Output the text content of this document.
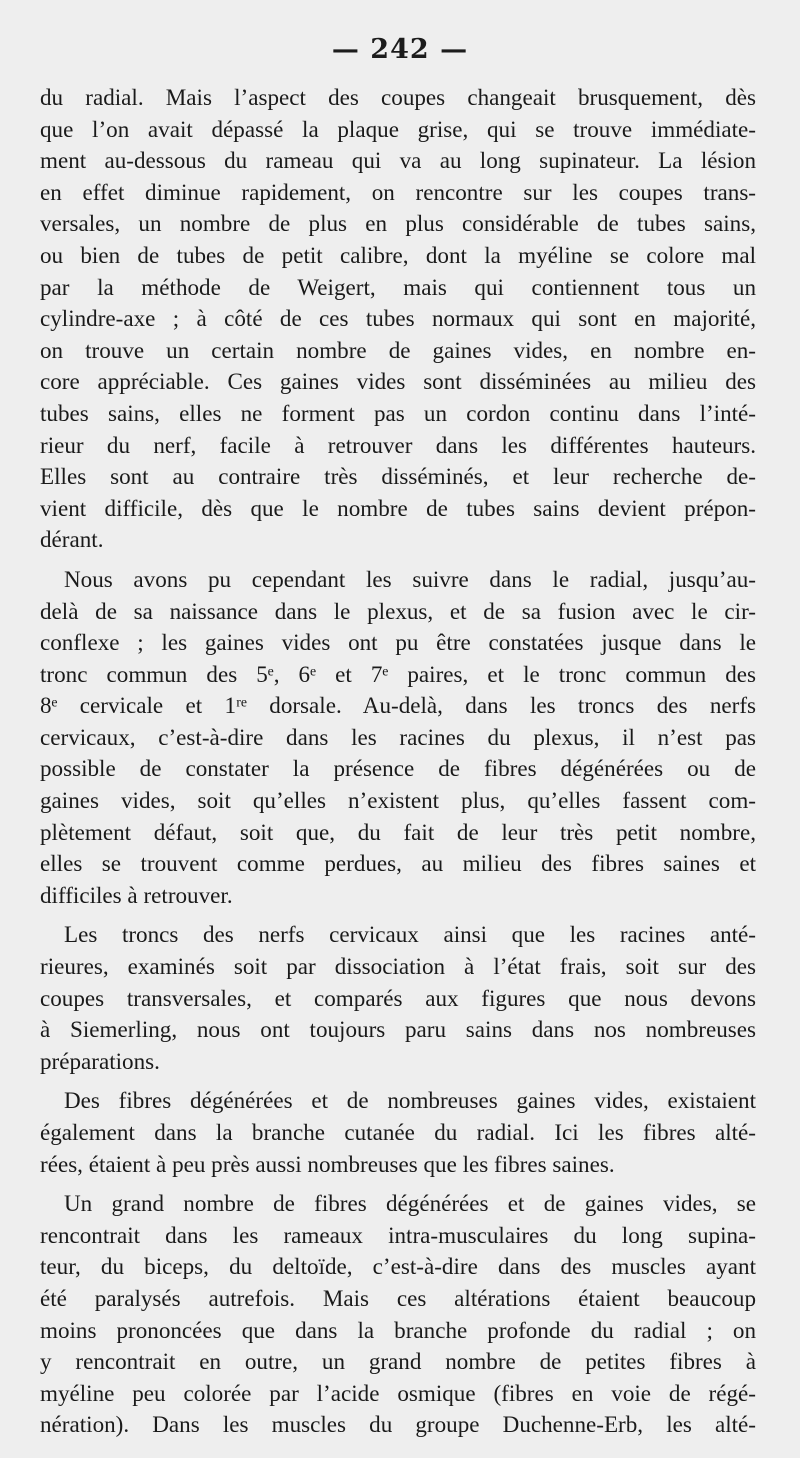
— 242 —
du radial. Mais l’aspect des coupes changeait brusquement, dès
que l’on avait dépassé la plaque grise, qui se trouve immédiate-
ment au-dessous du rameau qui va au long supinateur. La lésion
en effet diminue rapidement, on rencontre sur les coupes trans-
versales, un nombre de plus en plus considérable de tubes sains,
ou bien de tubes de petit calibre, dont la myéline se colore mal
par la méthode de Weigert, mais qui contiennent tous un
cylindre-axe ; à côté de ces tubes normaux qui sont en majorité,
on trouve un certain nombre de gaines vides, en nombre en-
core appréciable. Ces gaines vides sont disséminées au milieu des
tubes sains, elles ne forment pas un cordon continu dans l’inté-
rieur du nerf, facile à retrouver dans les différentes hauteurs.
Elles sont au contraire très disséminés, et leur recherche de-
vient difficile, dès que le nombre de tubes sains devient prépon-
dérant.
Nous avons pu cependant les suivre dans le radial, jusqu’au-
delà de sa naissance dans le plexus, et de sa fusion avec le cir-
conflexe ; les gaines vides ont pu être constatées jusque dans le
tronc commun des 5ᵉ, 6ᵉ et 7ᵉ paires, et le tronc commun des
8ᵉ cervicale et 1ʳᵉ dorsale. Au-delà, dans les troncs des nerfs
cervicaux, c’est-à-dire dans les racines du plexus, il n’est pas
possible de constater la présence de fibres dégénérées ou de
gaines vides, soit qu’elles n’existent plus, qu’elles fassent com-
plètement défaut, soit que, du fait de leur très petit nombre,
elles se trouvent comme perdues, au milieu des fibres saines et
difficiles à retrouver.
Les troncs des nerfs cervicaux ainsi que les racines anté-
rieures, examinés soit par dissociation à l’état frais, soit sur des
coupes transversales, et comparés aux figures que nous devons
à Siemerling, nous ont toujours paru sains dans nos nombreuses
préparations.
Des fibres dégénérées et de nombreuses gaines vides, existaient
également dans la branche cutanée du radial. Ici les fibres alté-
rées, étaient à peu près aussi nombreuses que les fibres saines.
Un grand nombre de fibres dégénérées et de gaines vides, se
rencontrait dans les rameaux intra-musculaires du long supina-
teur, du biceps, du deltoïde, c’est-à-dire dans des muscles ayant
été paralysés autrefois. Mais ces altérations étaient beaucoup
moins prononcées que dans la branche profonde du radial ; on
y rencontrait en outre, un grand nombre de petites fibres à
myéline peu colorée par l’acide osmique (fibres en voie de régé-
nération). Dans les muscles du groupe Duchenne-Erb, les alté-
